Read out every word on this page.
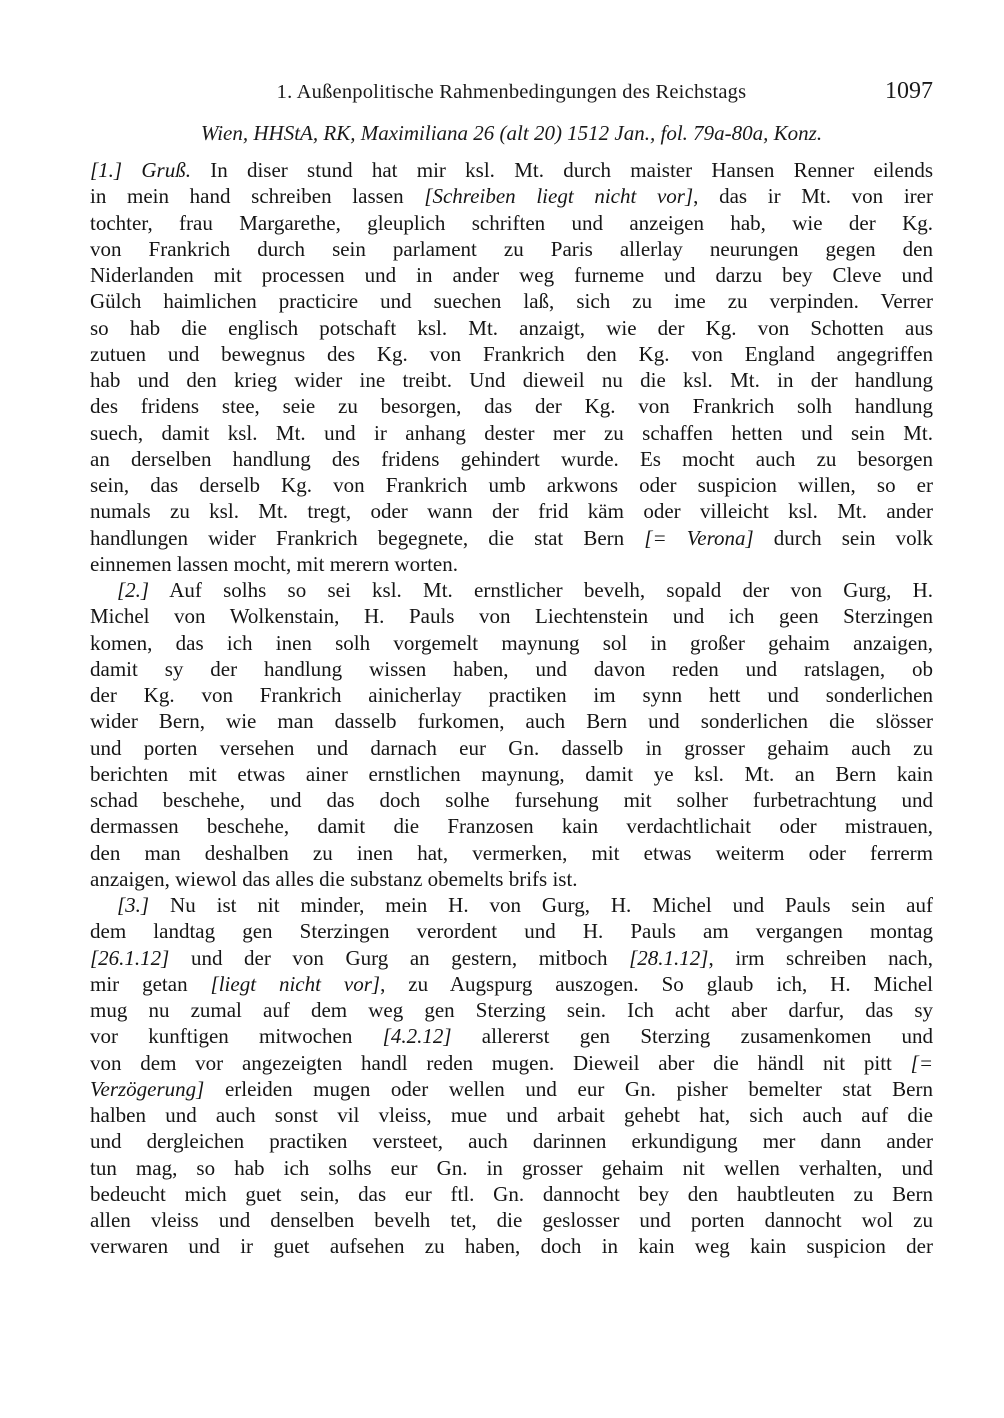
1. Außenpolitische Rahmenbedingungen des Reichstags	1097
Wien, HHStA, RK, Maximiliana 26 (alt 20) 1512 Jan., fol. 79a-80a, Konz.
[1.] Gruß. In diser stund hat mir ksl. Mt. durch maister Hansen Renner eilends
in mein hand schreiben lassen [Schreiben liegt nicht vor], das ir Mt. von irer
tochter, frau Margarethe, gleuplich schriften und anzeigen hab, wie der Kg.
von Frankrich durch sein parlament zu Paris allerlay neurungen gegen den
Niderlanden mit processen und in ander weg furneme und darzu bey Cleve und
Gülch haimlichen practicire und suechen laß, sich zu ime zu verpinden. Verrer
so hab die englisch potschaft ksl. Mt. anzaigt, wie der Kg. von Schotten aus
zutuen und bewegnus des Kg. von Frankrich den Kg. von England angegriffen
hab und den krieg wider ine treibt. Und dieweil nu die ksl. Mt. in der handlung
des fridens stee, seie zu besorgen, das der Kg. von Frankrich solh handlung
suech, damit ksl. Mt. und ir anhang dester mer zu schaffen hetten und sein Mt.
an derselben handlung des fridens gehindert wurde. Es mocht auch zu besorgen
sein, das derselb Kg. von Frankrich umb arkwons oder suspicion willen, so er
numals zu ksl. Mt. tregt, oder wann der frid käm oder villeicht ksl. Mt. ander
handlungen wider Frankrich begegnete, die stat Bern [= Verona] durch sein volk
einnemen lassen mocht, mit merern worten.
[2.] Auf solhs so sei ksl. Mt. ernstlicher bevelh, sopald der von Gurg, H.
Michel von Wolkenstain, H. Pauls von Liechtenstein und ich geen Sterzingen
komen, das ich inen solh vorgemelt maynung sol in großer gehaim anzaigen,
damit sy der handlung wissen haben, und davon reden und ratslagen, ob
der Kg. von Frankrich ainicherlay practiken im synn hett und sonderlichen
wider Bern, wie man dasselb furkomen, auch Bern und sonderlichen die slösser
und porten versehen und darnach eur Gn. dasselb in grosser gehaim auch zu
berichten mit etwas ainer ernstlichen maynung, damit ye ksl. Mt. an Bern kain
schad beschehe, und das doch solhe fursehung mit solher furbetrachtung und
dermassen beschehe, damit die Franzosen kain verdachtlichait oder mistrauen,
den man deshalben zu inen hat, vermerken, mit etwas weiterm oder ferrerm
anzaigen, wiewol das alles die substanz obemelts brifs ist.
[3.] Nu ist nit minder, mein H. von Gurg, H. Michel und Pauls sein auf
dem landtag gen Sterzingen verordent und H. Pauls am vergangen montag
[26.1.12] und der von Gurg an gestern, mitboch [28.1.12], irm schreiben nach,
mir getan [liegt nicht vor], zu Augspurg auszogen. So glaub ich, H. Michel
mug nu zumal auf dem weg gen Sterzing sein. Ich acht aber darfur, das sy
vor kunftigen mitwochen [4.2.12] allererst gen Sterzing zusamenkomen und
von dem vor angezeigten handl reden mugen. Dieweil aber die händl nit pitt [=
Verzögerung] erleiden mugen oder wellen und eur Gn. pisher bemelter stat Bern
halben und auch sonst vil vleiss, mue und arbait gehebt hat, sich auch auf die
und dergleichen practiken versteet, auch darinnen erkundigung mer dann ander
tun mag, so hab ich solhs eur Gn. in grosser gehaim nit wellen verhalten, und
bedeucht mich guet sein, das eur ftl. Gn. dannocht bey den haubtleuten zu Bern
allen vleiss und denselben bevelh tet, die geslosser und porten dannocht wol zu
verwaren und ir guet aufsehen zu haben, doch in kain weg kain suspicion der
